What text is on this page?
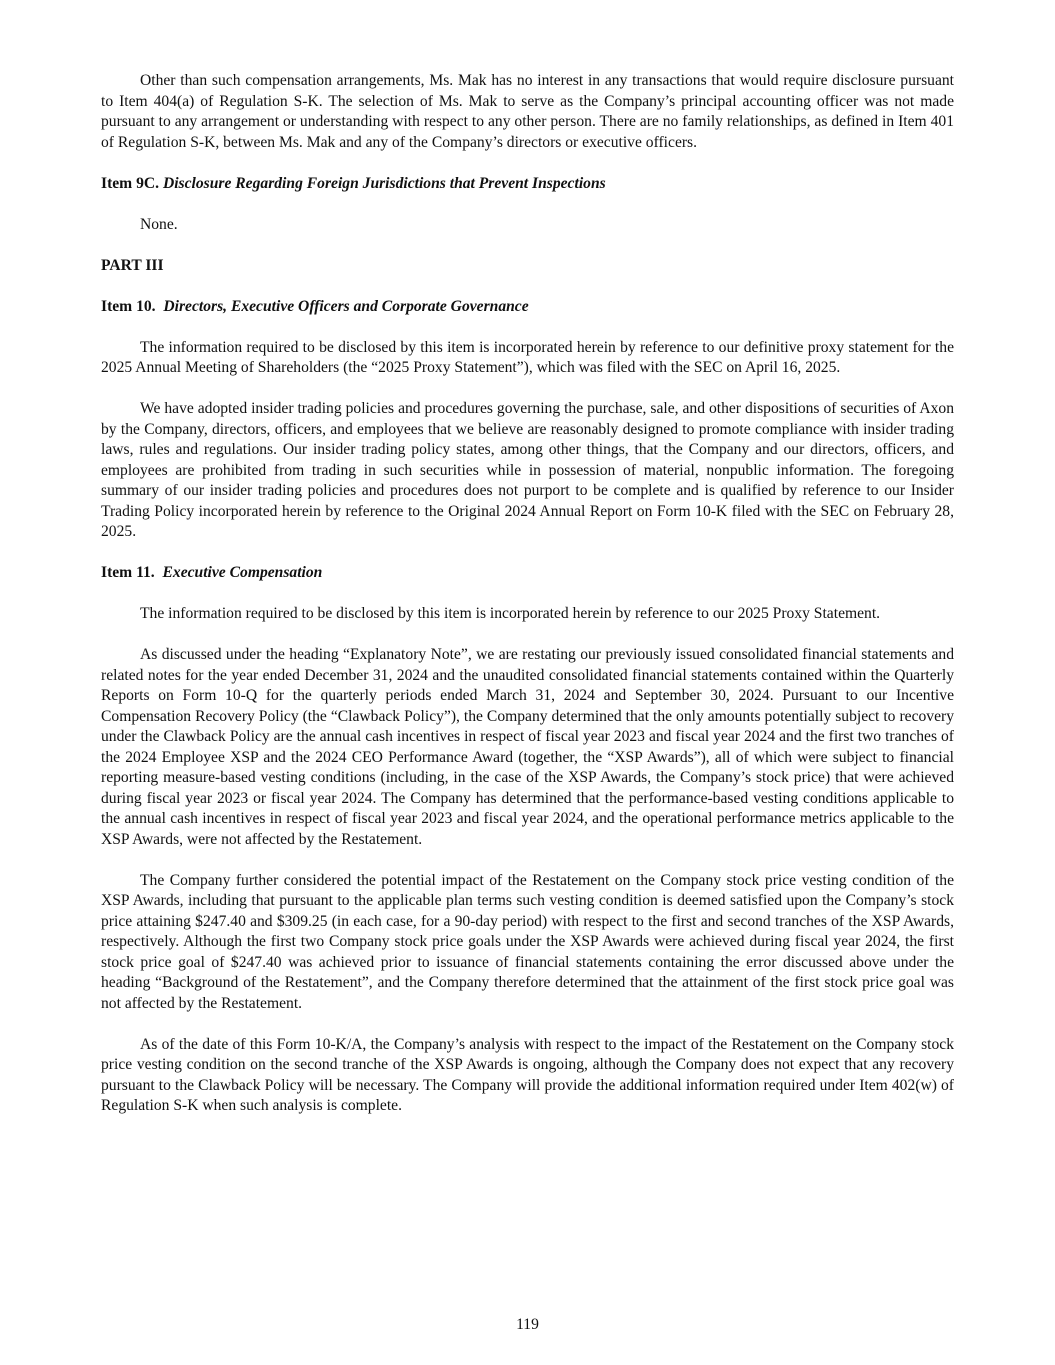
Other than such compensation arrangements, Ms. Mak has no interest in any transactions that would require disclosure pursuant to Item 404(a) of Regulation S-K. The selection of Ms. Mak to serve as the Company’s principal accounting officer was not made pursuant to any arrangement or understanding with respect to any other person. There are no family relationships, as defined in Item 401 of Regulation S-K, between Ms. Mak and any of the Company’s directors or executive officers.

Item 9C. Disclosure Regarding Foreign Jurisdictions that Prevent Inspections

None.

PART III

Item 10. Directors, Executive Officers and Corporate Governance

The information required to be disclosed by this item is incorporated herein by reference to our definitive proxy statement for the 2025 Annual Meeting of Shareholders (the “2025 Proxy Statement”), which was filed with the SEC on April 16, 2025.

We have adopted insider trading policies and procedures governing the purchase, sale, and other dispositions of securities of Axon by the Company, directors, officers, and employees that we believe are reasonably designed to promote compliance with insider trading laws, rules and regulations. Our insider trading policy states, among other things, that the Company and our directors, officers, and employees are prohibited from trading in such securities while in possession of material, nonpublic information. The foregoing summary of our insider trading policies and procedures does not purport to be complete and is qualified by reference to our Insider Trading Policy incorporated herein by reference to the Original 2024 Annual Report on Form 10-K filed with the SEC on February 28, 2025.

Item 11. Executive Compensation

The information required to be disclosed by this item is incorporated herein by reference to our 2025 Proxy Statement.

As discussed under the heading “Explanatory Note”, we are restating our previously issued consolidated financial statements and related notes for the year ended December 31, 2024 and the unaudited consolidated financial statements contained within the Quarterly Reports on Form 10-Q for the quarterly periods ended March 31, 2024 and September 30, 2024. Pursuant to our Incentive Compensation Recovery Policy (the “Clawback Policy”), the Company determined that the only amounts potentially subject to recovery under the Clawback Policy are the annual cash incentives in respect of fiscal year 2023 and fiscal year 2024 and the first two tranches of the 2024 Employee XSP and the 2024 CEO Performance Award (together, the “XSP Awards”), all of which were subject to financial reporting measure-based vesting conditions (including, in the case of the XSP Awards, the Company’s stock price) that were achieved during fiscal year 2023 or fiscal year 2024. The Company has determined that the performance-based vesting conditions applicable to the annual cash incentives in respect of fiscal year 2023 and fiscal year 2024, and the operational performance metrics applicable to the XSP Awards, were not affected by the Restatement.

The Company further considered the potential impact of the Restatement on the Company stock price vesting condition of the XSP Awards, including that pursuant to the applicable plan terms such vesting condition is deemed satisfied upon the Company’s stock price attaining $247.40 and $309.25 (in each case, for a 90-day period) with respect to the first and second tranches of the XSP Awards, respectively. Although the first two Company stock price goals under the XSP Awards were achieved during fiscal year 2024, the first stock price goal of $247.40 was achieved prior to issuance of financial statements containing the error discussed above under the heading “Background of the Restatement”, and the Company therefore determined that the attainment of the first stock price goal was not affected by the Restatement.

As of the date of this Form 10-K/A, the Company’s analysis with respect to the impact of the Restatement on the Company stock price vesting condition on the second tranche of the XSP Awards is ongoing, although the Company does not expect that any recovery pursuant to the Clawback Policy will be necessary. The Company will provide the additional information required under Item 402(w) of Regulation S-K when such analysis is complete.

119
